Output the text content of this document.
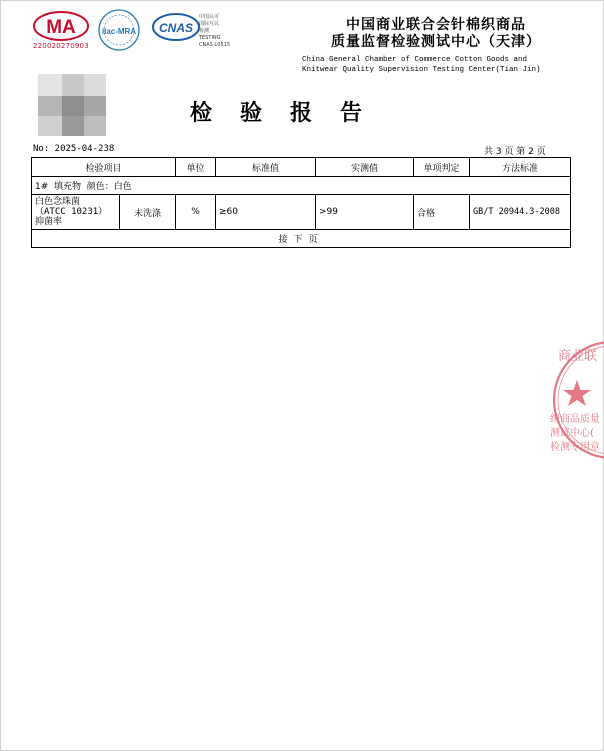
MA
220020270903
ilac-MRA CNAS
中国认可
国际互认
检测
TESTING
CNAS L0515
中国商业联合会针棉织商品
质量监督检验测试中心（天津）
China General Chamber of Commerce Cotton Goods and
Knitwear Quality Supervision Testing Center(Tian Jin)
检验报告
No: 2025-04-238	共 3 页 第 2 页
检验项目		单位	标准值	实测值	单项判定	方法标准
1#  填充物  颜色：白色						

白色念珠菌
（ATCC 10231）
抑菌率	未洗涤	%	≥60	>99	合格	GB/T 20944.3-2008
接下页						
商业联
织商品质量
测试中心(
检测专用章
